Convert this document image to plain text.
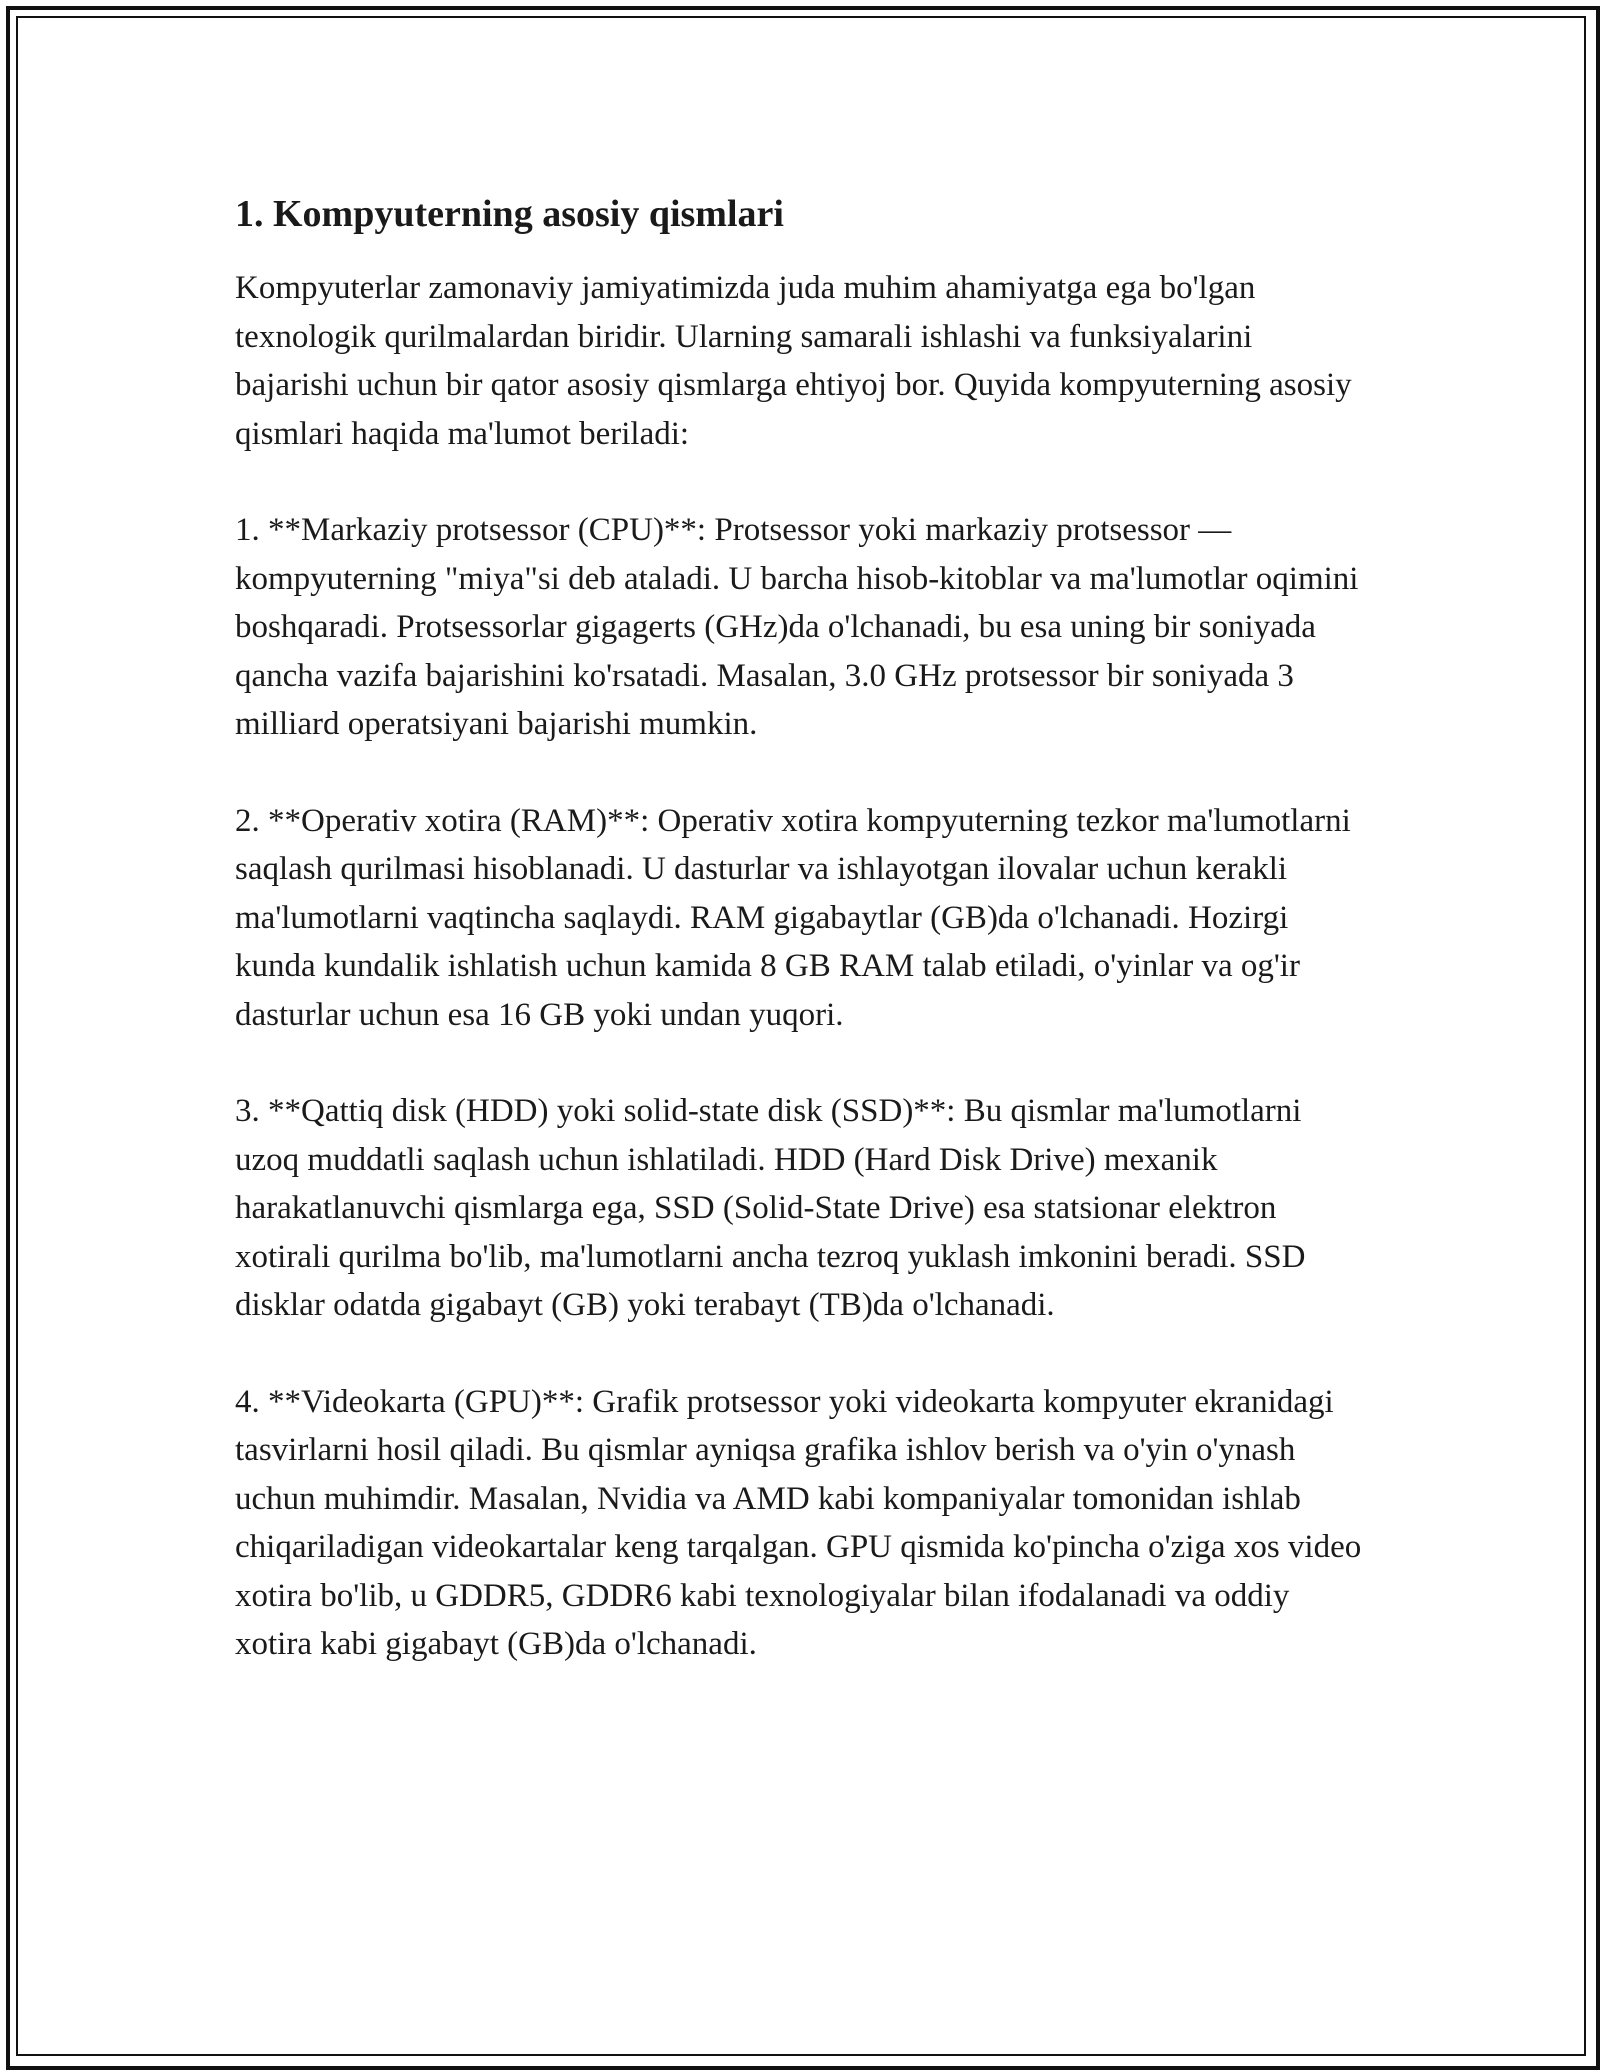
1. Kompyuterning asosiy qismlari

Kompyuterlar zamonaviy jamiyatimizda juda muhim ahamiyatga ega bo'lgan texnologik qurilmalardan biridir. Ularning samarali ishlashi va funksiyalarini bajarishi uchun bir qator asosiy qismlarga ehtiyoj bor. Quyida kompyuterning asosiy qismlari haqida ma'lumot beriladi:

1. **Markaziy protsessor (CPU)**: Protsessor yoki markaziy protsessor — kompyuterning "miya"si deb ataladi. U barcha hisob-kitoblar va ma'lumotlar oqimini boshqaradi. Protsessorlar gigagerts (GHz)da o'lchanadi, bu esa uning bir soniyada qancha vazifa bajarishini ko'rsatadi. Masalan, 3.0 GHz protsessor bir soniyada 3 milliard operatsiyani bajarishi mumkin.

2. **Operativ xotira (RAM)**: Operativ xotira kompyuterning tezkor ma'lumotlarni saqlash qurilmasi hisoblanadi. U dasturlar va ishlayotgan ilovalar uchun kerakli ma'lumotlarni vaqtincha saqlaydi. RAM gigabaytlar (GB)da o'lchanadi. Hozirgi kunda kundalik ishlatish uchun kamida 8 GB RAM talab etiladi, o'yinlar va og'ir dasturlar uchun esa 16 GB yoki undan yuqori.

3. **Qattiq disk (HDD) yoki solid-state disk (SSD)**: Bu qismlar ma'lumotlarni uzoq muddatli saqlash uchun ishlatiladi. HDD (Hard Disk Drive) mexanik harakatlanuvchi qismlarga ega, SSD (Solid-State Drive) esa statsionar elektron xotirali qurilma bo'lib, ma'lumotlarni ancha tezroq yuklash imkonini beradi. SSD disklar odatda gigabayt (GB) yoki terabayt (TB)da o'lchanadi.

4. **Videokarta (GPU)**: Grafik protsessor yoki videokarta kompyuter ekranidagi tasvirlarni hosil qiladi. Bu qismlar ayniqsa grafika ishlov berish va o'yin o'ynash uchun muhimdir. Masalan, Nvidia va AMD kabi kompaniyalar tomonidan ishlab chiqariladigan videokartalar keng tarqalgan. GPU qismida ko'pincha o'ziga xos video xotira bo'lib, u GDDR5, GDDR6 kabi texnologiyalar bilan ifodalanadi va oddiy xotira kabi gigabayt (GB)da o'lchanadi.
